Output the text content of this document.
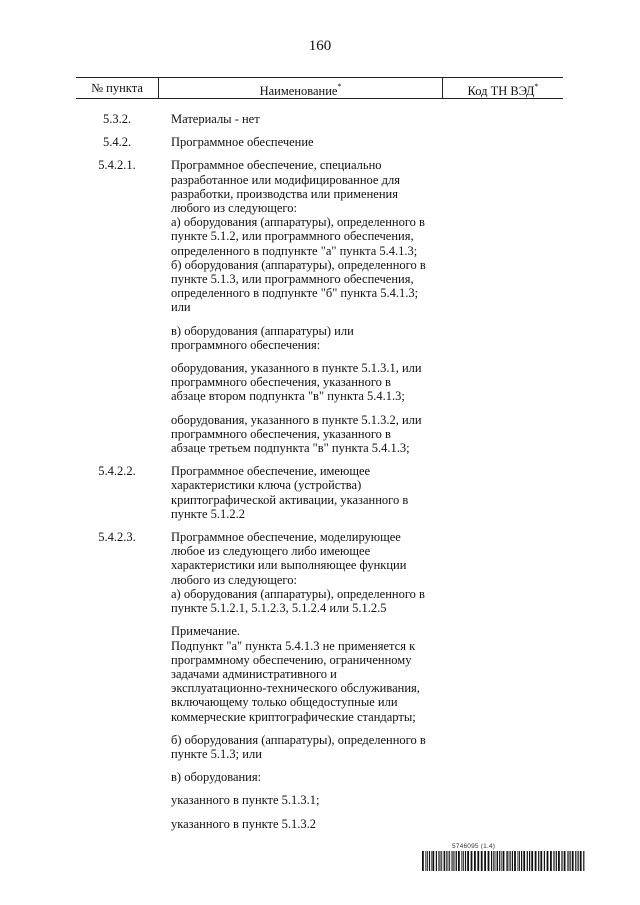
160
№ пункта	Наименование*	Код ТН ВЭД*
5.3.2.	Материалы - нет

5.4.2.	Программное обеспечение

5.4.2.1.	Программное обеспечение, специально
разработанное или модифицированное для
разработки, производства или применения
любого из следующего:
а) оборудования (аппаратуры), определенного в
пункте 5.1.2, или программного обеспечения,
определенного в подпункте "а" пункта 5.4.1.3;
б) оборудования (аппаратуры), определенного в
пункте 5.1.3, или программного обеспечения,
определенного в подпункте "б" пункта 5.4.1.3;
или

в) оборудования (аппаратуры) или
программного обеспечения:

оборудования, указанного в пункте 5.1.3.1, или
программного обеспечения, указанного в
абзаце втором подпункта "в" пункта 5.4.1.3;

оборудования, указанного в пункте 5.1.3.2, или
программного обеспечения, указанного в
абзаце третьем подпункта "в" пункта 5.4.1.3;

5.4.2.2.	Программное обеспечение, имеющее
характеристики ключа (устройства)
криптографической активации, указанного в
пункте 5.1.2.2

5.4.2.3.	Программное обеспечение, моделирующее
любое из следующего либо имеющее
характеристики или выполняющее функции
любого из следующего:
а) оборудования (аппаратуры), определенного в
пункте 5.1.2.1, 5.1.2.3, 5.1.2.4 или 5.1.2.5

Примечание.
Подпункт "а" пункта 5.4.1.3 не применяется к
программному обеспечению, ограниченному
задачами административного и
эксплуатационно-технического обслуживания,
включающему только общедоступные или
коммерческие криптографические стандарты;

б) оборудования (аппаратуры), определенного в
пункте 5.1.3; или

в) оборудования:

указанного в пункте 5.1.3.1;

указанного в пункте 5.1.3.2

5746095 (1.4)
